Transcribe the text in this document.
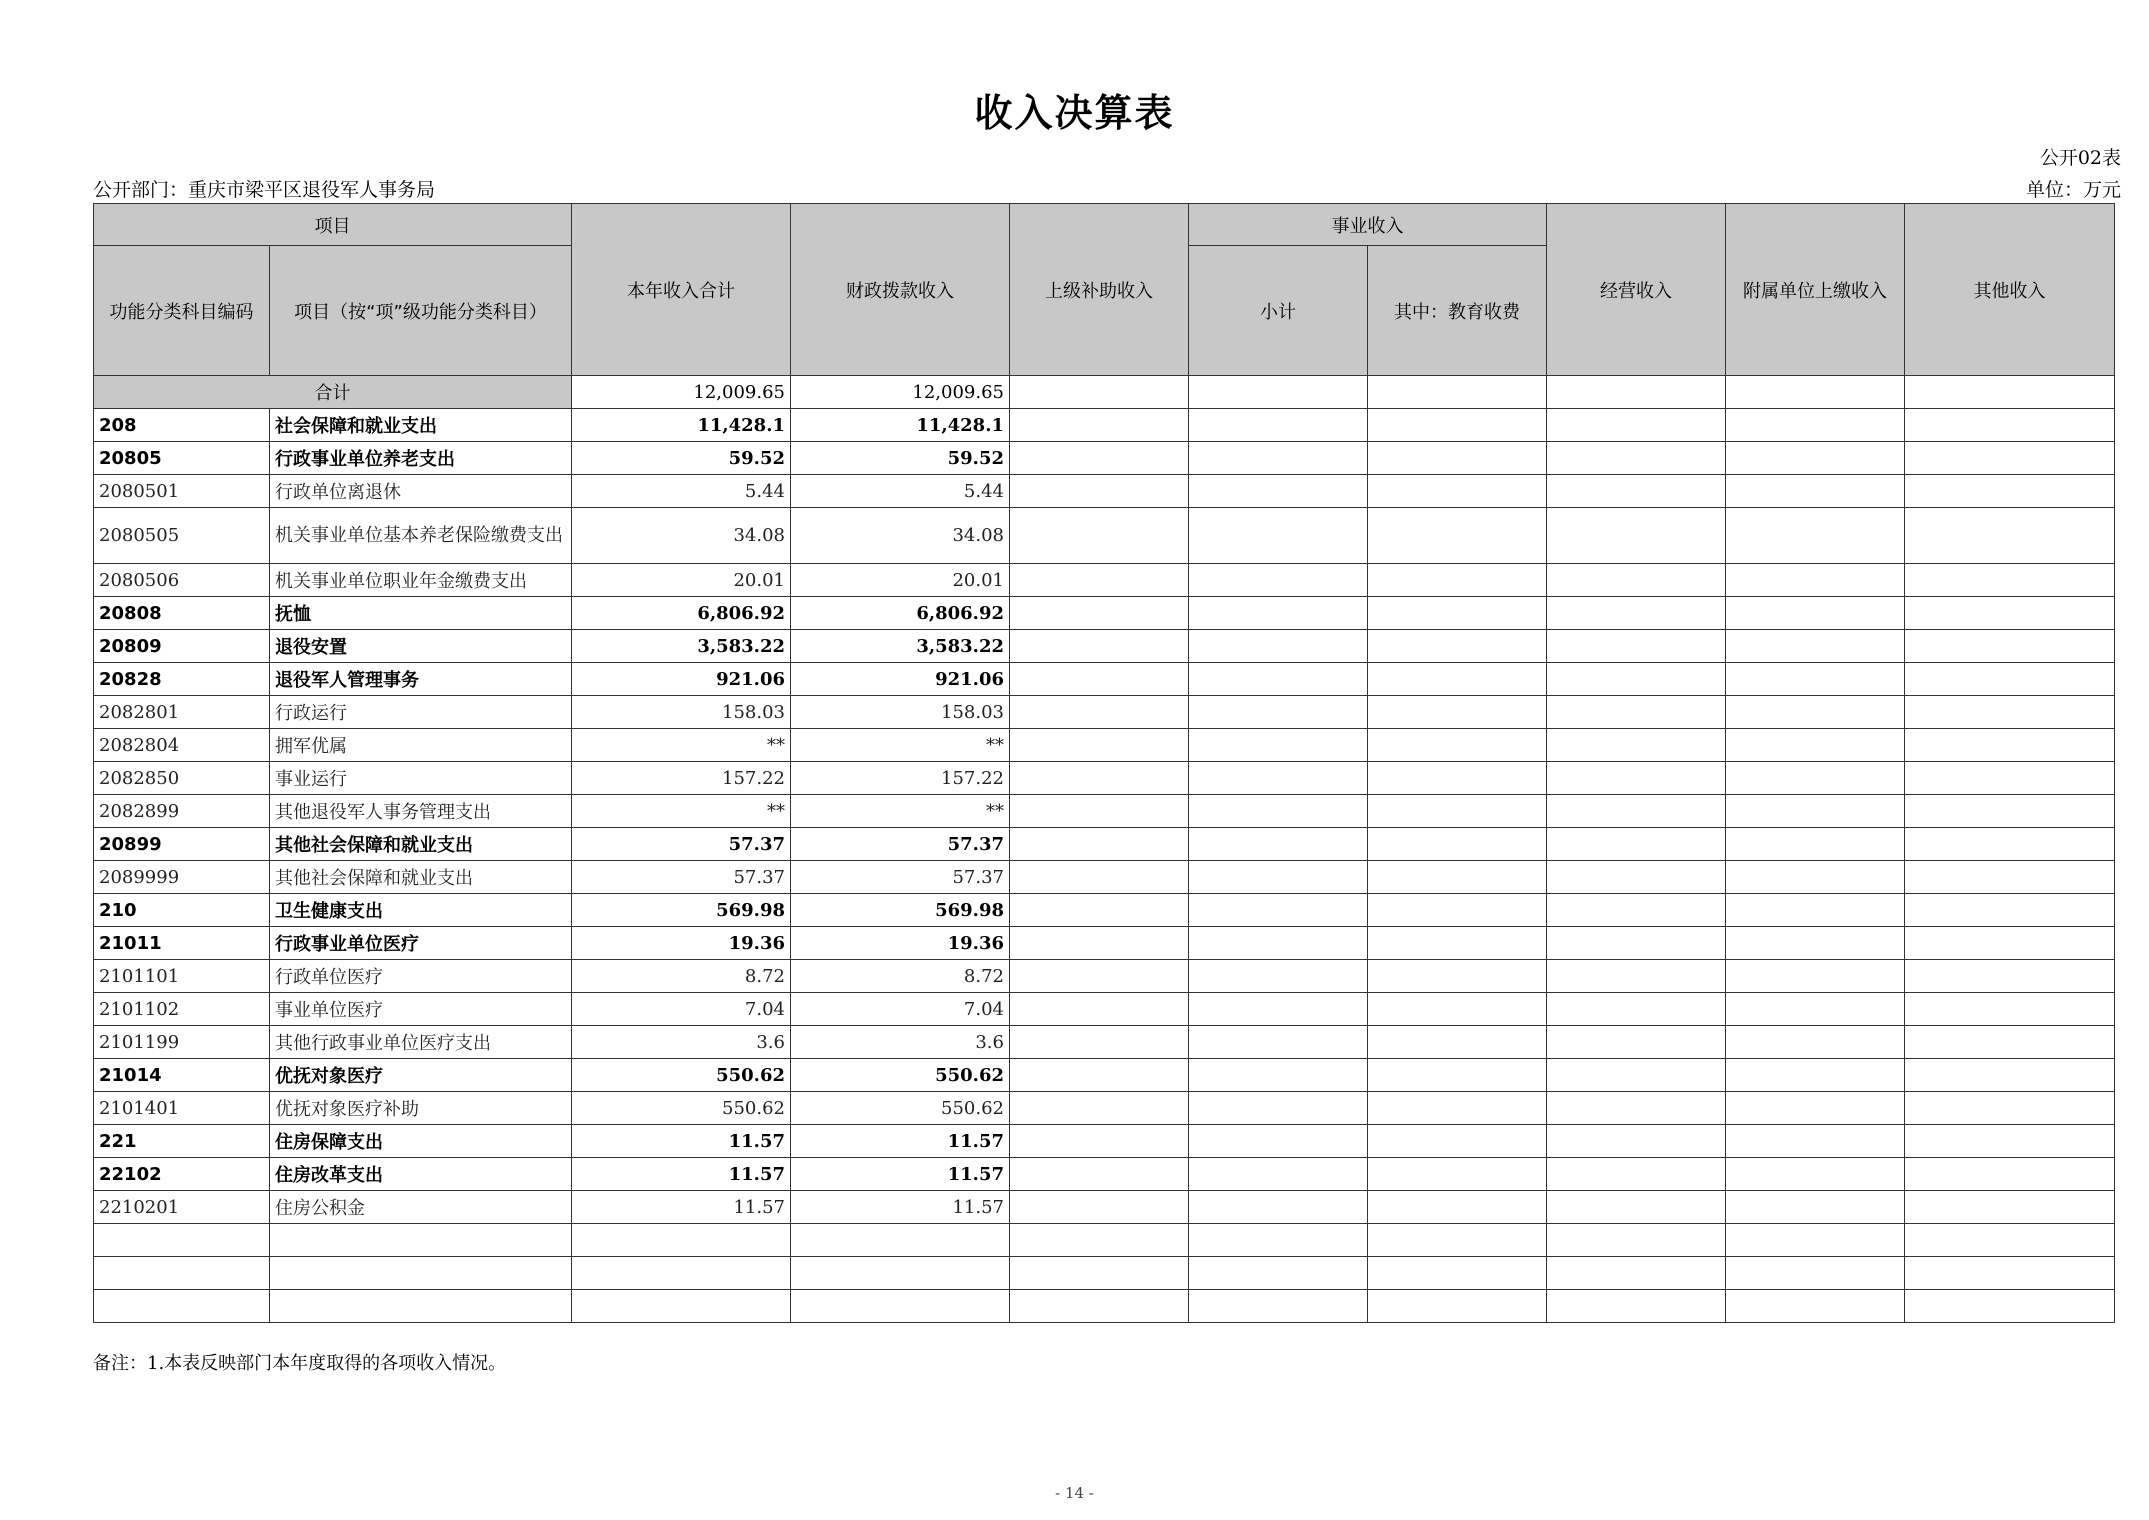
收入决算表
公开02表
公开部门：重庆市梁平区退役军人事务局	单位：万元
项目		本年收入合计	财政拨款收入	上级补助收入	事业收入		经营收入	附属单位上缴收入	其他收入
功能分类科目编码	项目（按“项”级功能分类科目）				小计	其中：教育收费			
合计		12,009.65	12,009.65						
208	社会保障和就业支出	11,428.1	11,428.1						
20805	行政事业单位养老支出	59.52	59.52						
2080501	行政单位离退休	5.44	5.44						
2080505	机关事业单位基本养老保险缴费支出	34.08	34.08						
2080506	机关事业单位职业年金缴费支出	20.01	20.01						
20808	抚恤	6,806.92	6,806.92						
20809	退役安置	3,583.22	3,583.22						
20828	退役军人管理事务	921.06	921.06						
2082801	行政运行	158.03	158.03						
2082804	拥军优属	**	**						
2082850	事业运行	157.22	157.22						
2082899	其他退役军人事务管理支出	**	**						
20899	其他社会保障和就业支出	57.37	57.37						
2089999	其他社会保障和就业支出	57.37	57.37						
210	卫生健康支出	569.98	569.98						
21011	行政事业单位医疗	19.36	19.36						
2101101	行政单位医疗	8.72	8.72						
2101102	事业单位医疗	7.04	7.04						
2101199	其他行政事业单位医疗支出	3.6	3.6						
21014	优抚对象医疗	550.62	550.62						
2101401	优抚对象医疗补助	550.62	550.62						
221	住房保障支出	11.57	11.57						
22102	住房改革支出	11.57	11.57						
2210201	住房公积金	11.57	11.57						

备注：1.本表反映部门本年度取得的各项收入情况。
- 14 -
